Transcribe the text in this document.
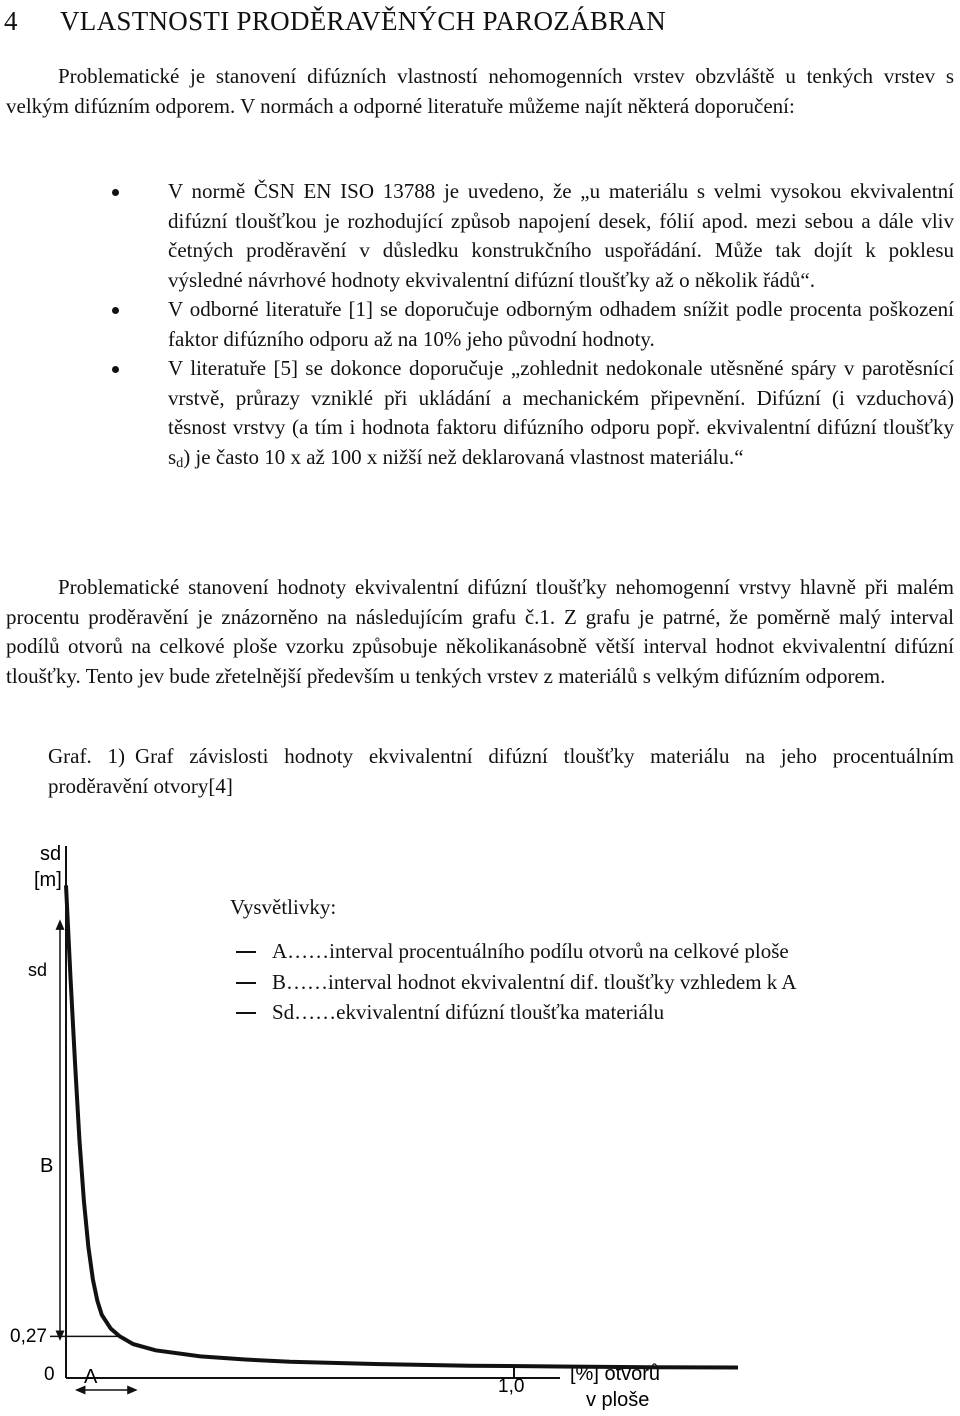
4 VLASTNOSTI PRODĚRAVĚNÝCH PAROZÁBRAN

Problematické je stanovení difúzních vlastností nehomogenních vrstev obzvláště u tenkých vrstev s velkým difúzním odporem. V normách a odporné literatuře můžeme najít některá doporučení:

V normě ČSN EN ISO 13788 je uvedeno, že „u materiálu s velmi vysokou ekvivalentní difúzní tloušťkou je rozhodující způsob napojení desek, fólií apod. mezi sebou a dále vliv četných proděravění v důsledku konstrukčního uspořádání. Může tak dojít k poklesu výsledné návrhové hodnoty ekvivalentní difúzní tloušťky až o několik řádů“.
V odborné literatuře [1] se doporučuje odborným odhadem snížit podle procenta poškození faktor difúzního odporu až na 10% jeho původní hodnoty.
V literatuře [5] se dokonce doporučuje „zohlednit nedokonale utěsněné spáry v parotěsnící vrstvě, průrazy vzniklé při ukládání a mechanickém připevnění. Difúzní (i vzduchová) těsnost vrstvy (a tím i hodnota faktoru difúzního odporu popř. ekvivalentní difúzní tloušťky $s_d$) je často 10 x až 100 x nižší než deklarovaná vlastnost materiálu.“

Problematické stanovení hodnoty ekvivalentní difúzní tloušťky nehomogenní vrstvy hlavně při malém procentu proděravění je znázorněno na následujícím grafu č.1. Z grafu je patrné, že poměrně malý interval podílů otvorů na celkové ploše vzorku způsobuje několikanásobně větší interval hodnot ekvivalentní difúzní tloušťky. Tento jev bude zřetelnější především u tenkých vrstev z materiálů s velkým difúzním odporem.

Graf. 1) Graf závislosti hodnoty ekvivalentní difúzní tloušťky materiálu na jeho procentuálním proděravění otvory[4]

sd
[m]
sd
[%] otvorů
v ploše
0,27
0
1,0
B
A
Vysvětlivky:
A……interval procentuálního podílu otvorů na celkové ploše
B……interval hodnot ekvivalentní dif. tloušťky vzhledem k A
Sd……ekvivalentní difúzní tloušťka materiálu
